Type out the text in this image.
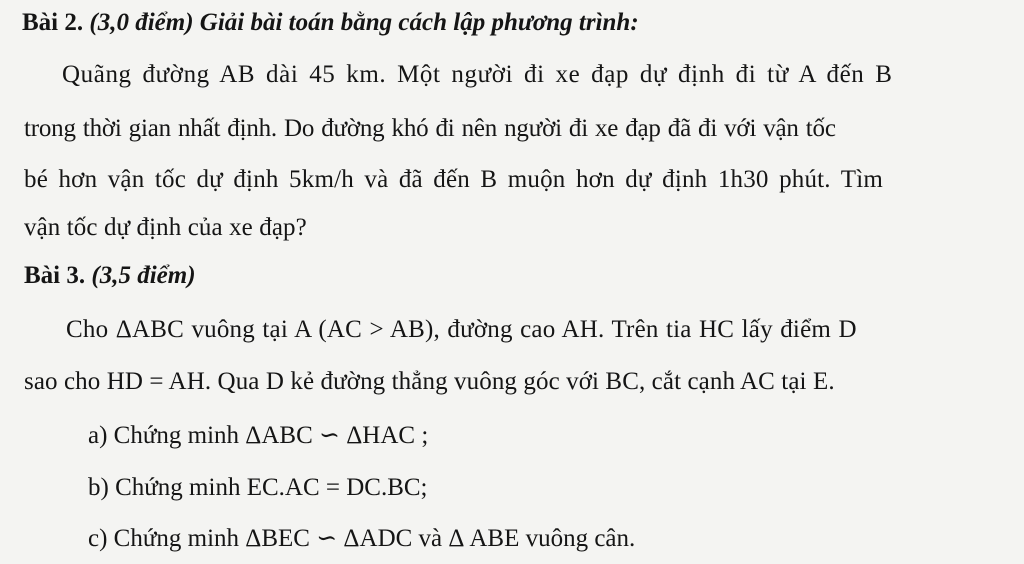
Bài 2. (3,0 điểm) Giải bài toán bằng cách lập phương trình:
Quãng đường AB dài 45 km. Một người đi xe đạp dự định đi từ A đến B
trong thời gian nhất định. Do đường khó đi nên người đi xe đạp đã đi với vận tốc
bé hơn vận tốc dự định 5km/h và đã đến B muộn hơn dự định 1h30 phút. Tìm
vận tốc dự định của xe đạp?
Bài 3. (3,5 điểm)
Cho ΔABC vuông tại A (AC > AB), đường cao AH. Trên tia HC lấy điểm D
sao cho HD = AH. Qua D kẻ đường thẳng vuông góc với BC, cắt cạnh AC tại E.
a) Chứng minh ΔABC ∽ ΔHAC ;
b) Chứng minh EC.AC = DC.BC;
c) Chứng minh ΔBEC ∽ ΔADC và Δ ABE vuông cân.
